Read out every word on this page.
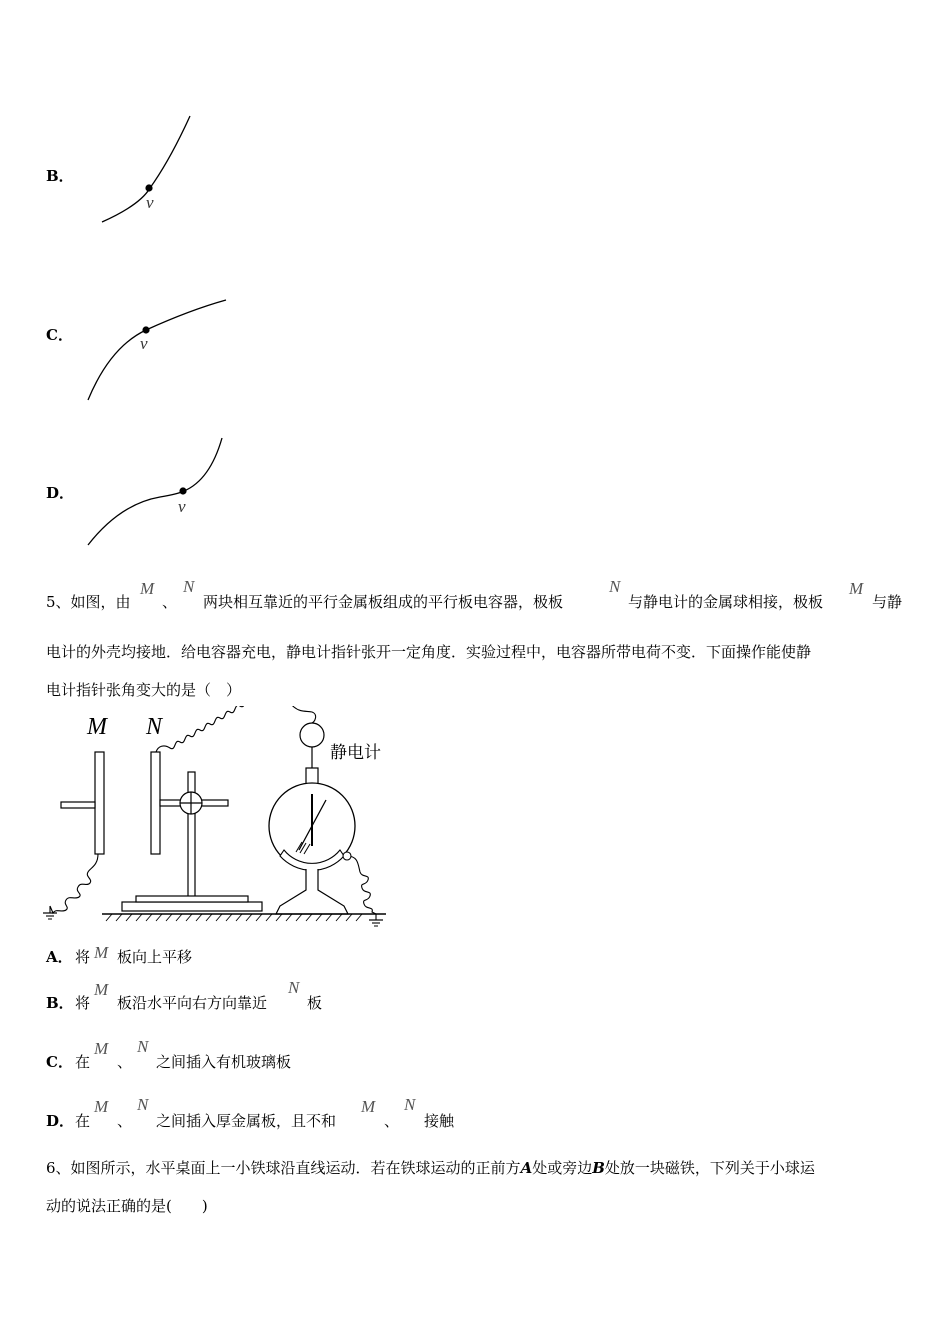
B．
v
C．	v
D．
v
5、如图，由
M
、
N
两块相互靠近的平行金属板组成的平行板电容器，极板
N
与静电计的金属球相接，极板
M
与静
电计的外壳均接地．给电容器充电，静电计指针张开一定角度．实验过程中，电容器所带电荷不变．下面操作能使静
电计指针张角变大的是（　）
M N
静电计
A． 将 M 板向上平移
B． 将
M
板沿水平向右方向靠近
N
板
C． 在
M
、
N
之间插入有机玻璃板
D． 在
M
、
N
之间插入厚金属板，且不和
M
、
N
接触
6、如图所示，水平桌面上一小铁球沿直线运动．若在铁球运动的正前方A处或旁边B处放一块磁铁，下列关于小球运
动的说法正确的是(　　)
